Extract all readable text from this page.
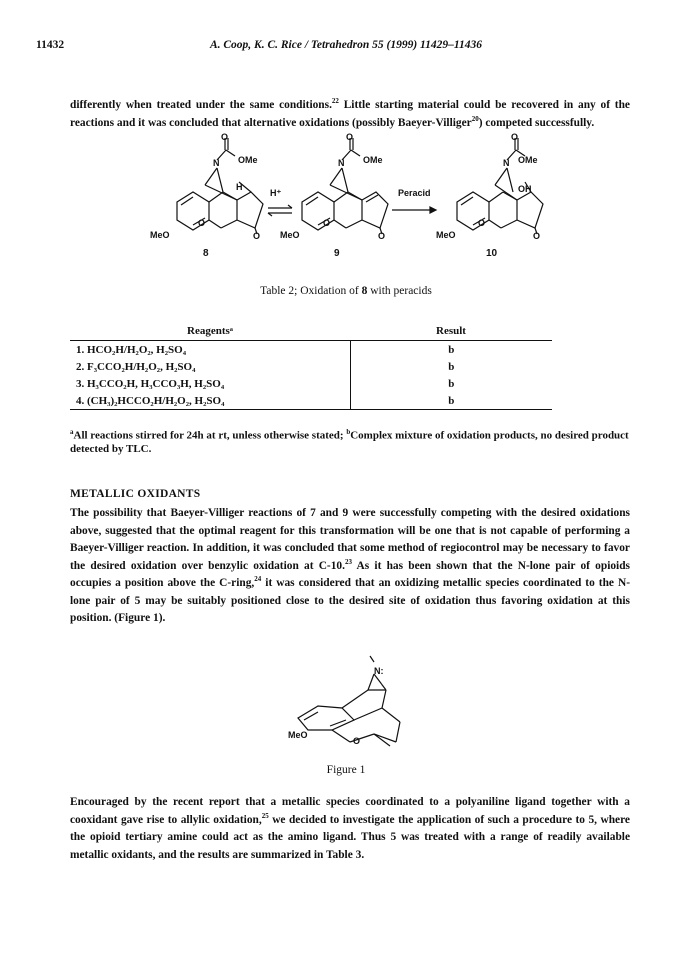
11432	A. Coop, K. C. Rice / Tetrahedron 55 (1999) 11429–11436
differently when treated under the same conditions.$^{22}$ Little starting material could be recovered in any of the reactions and it was concluded that alternative oxidations (possibly Baeyer-Villiger$^{20}$) competed successfully.
O
N OMe
H
MeO
O
O
H⁺
O
N OMe
MeO
O
O
Peracid
O
N OMe
OH
MeO
O
O
8	9	10
Table 2; Oxidation of 8 with peracids
Reagentsᵃ	Result
1. HCO₂H/H₂O₂, H₂SO₄	b
2. F₃CCO₂H/H₂O₂, H₂SO₄	b
3. H₃CCO₂H, H₃CCO₃H, H₂SO₄	b
4. (CH₃)₂HCCO₂H/H₂O₂, H₂SO₄	b
$^a$All reactions stirred for 24h at rt, unless otherwise stated; $^b$Complex mixture of oxidation products, no desired product detected by TLC.
METALLIC OXIDANTS
The possibility that Baeyer-Villiger reactions of 7 and 9 were successfully competing with the desired oxidations above, suggested that the optimal reagent for this transformation will be one that is not capable of performing a Baeyer-Villiger reaction. In addition, it was concluded that some method of regiocontrol may be necessary to favor the desired oxidation over benzylic oxidation at C-10.23 As it has been shown that the N-lone pair of opioids occupies a position above the C-ring,$^{24}$ it was considered that an oxidizing metallic species coordinated to the N-lone pair of 5 may be suitably positioned close to the desired site of oxidation thus favoring oxidation at this position. (Figure 1).
N:
MeO
O
Figure 1
Encouraged by the recent report that a metallic species coordinated to a polyaniline ligand together with a cooxidant gave rise to allylic oxidation,$^{25}$ we decided to investigate the application of such a procedure to 5, where the opioid tertiary amine could act as the amino ligand. Thus 5 was treated with a range of readily available metallic oxidants, and the results are summarized in Table 3.
